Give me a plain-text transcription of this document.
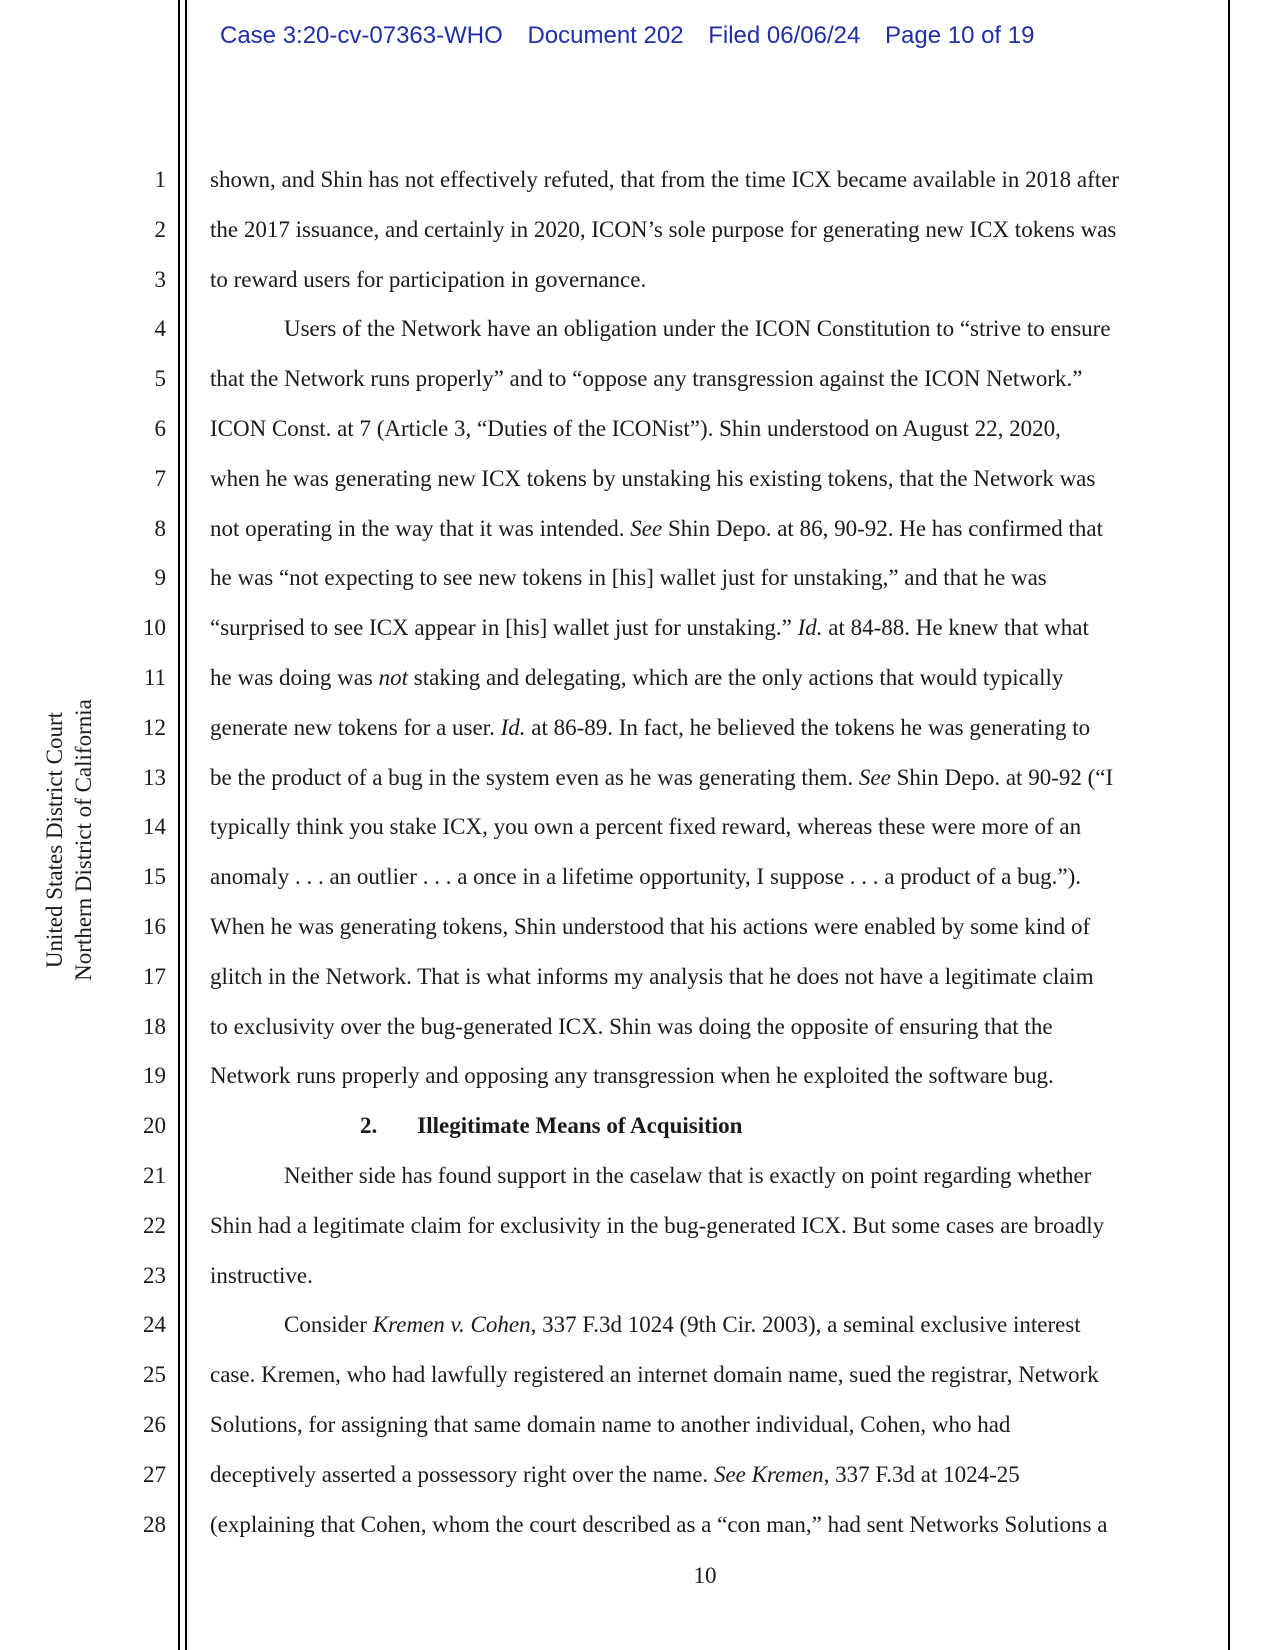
Case 3:20-cv-07363-WHO Document 202 Filed 06/06/24 Page 10 of 19
United States District Court Northern District of California
1
2
3
4
5
6
7
8
9
10
11
12
13
14
15
16
17
18
19
20
21
22
23
24
25
26
27
28
shown, and Shin has not effectively refuted, that from the time ICX became available in 2018 after
the 2017 issuance, and certainly in 2020, ICON’s sole purpose for generating new ICX tokens was
to reward users for participation in governance.
Users of the Network have an obligation under the ICON Constitution to “strive to ensure
that the Network runs properly” and to “oppose any transgression against the ICON Network.”
ICON Const. at 7 (Article 3, “Duties of the ICONist”). Shin understood on August 22, 2020,
when he was generating new ICX tokens by unstaking his existing tokens, that the Network was
not operating in the way that it was intended. See Shin Depo. at 86, 90-92. He has confirmed that
he was “not expecting to see new tokens in [his] wallet just for unstaking,” and that he was
“surprised to see ICX appear in [his] wallet just for unstaking.” Id. at 84-88. He knew that what
he was doing was not staking and delegating, which are the only actions that would typically
generate new tokens for a user. Id. at 86-89. In fact, he believed the tokens he was generating to
be the product of a bug in the system even as he was generating them. See Shin Depo. at 90-92 (“I
typically think you stake ICX, you own a percent fixed reward, whereas these were more of an
anomaly . . . an outlier . . . a once in a lifetime opportunity, I suppose . . . a product of a bug.”).
When he was generating tokens, Shin understood that his actions were enabled by some kind of
glitch in the Network. That is what informs my analysis that he does not have a legitimate claim
to exclusivity over the bug-generated ICX. Shin was doing the opposite of ensuring that the
Network runs properly and opposing any transgression when he exploited the software bug.
2. Illegitimate Means of Acquisition
Neither side has found support in the caselaw that is exactly on point regarding whether
Shin had a legitimate claim for exclusivity in the bug-generated ICX. But some cases are broadly
instructive.
Consider Kremen v. Cohen, 337 F.3d 1024 (9th Cir. 2003), a seminal exclusive interest
case. Kremen, who had lawfully registered an internet domain name, sued the registrar, Network
Solutions, for assigning that same domain name to another individual, Cohen, who had
deceptively asserted a possessory right over the name. See Kremen, 337 F.3d at 1024-25
(explaining that Cohen, whom the court described as a “con man,” had sent Networks Solutions a
10
